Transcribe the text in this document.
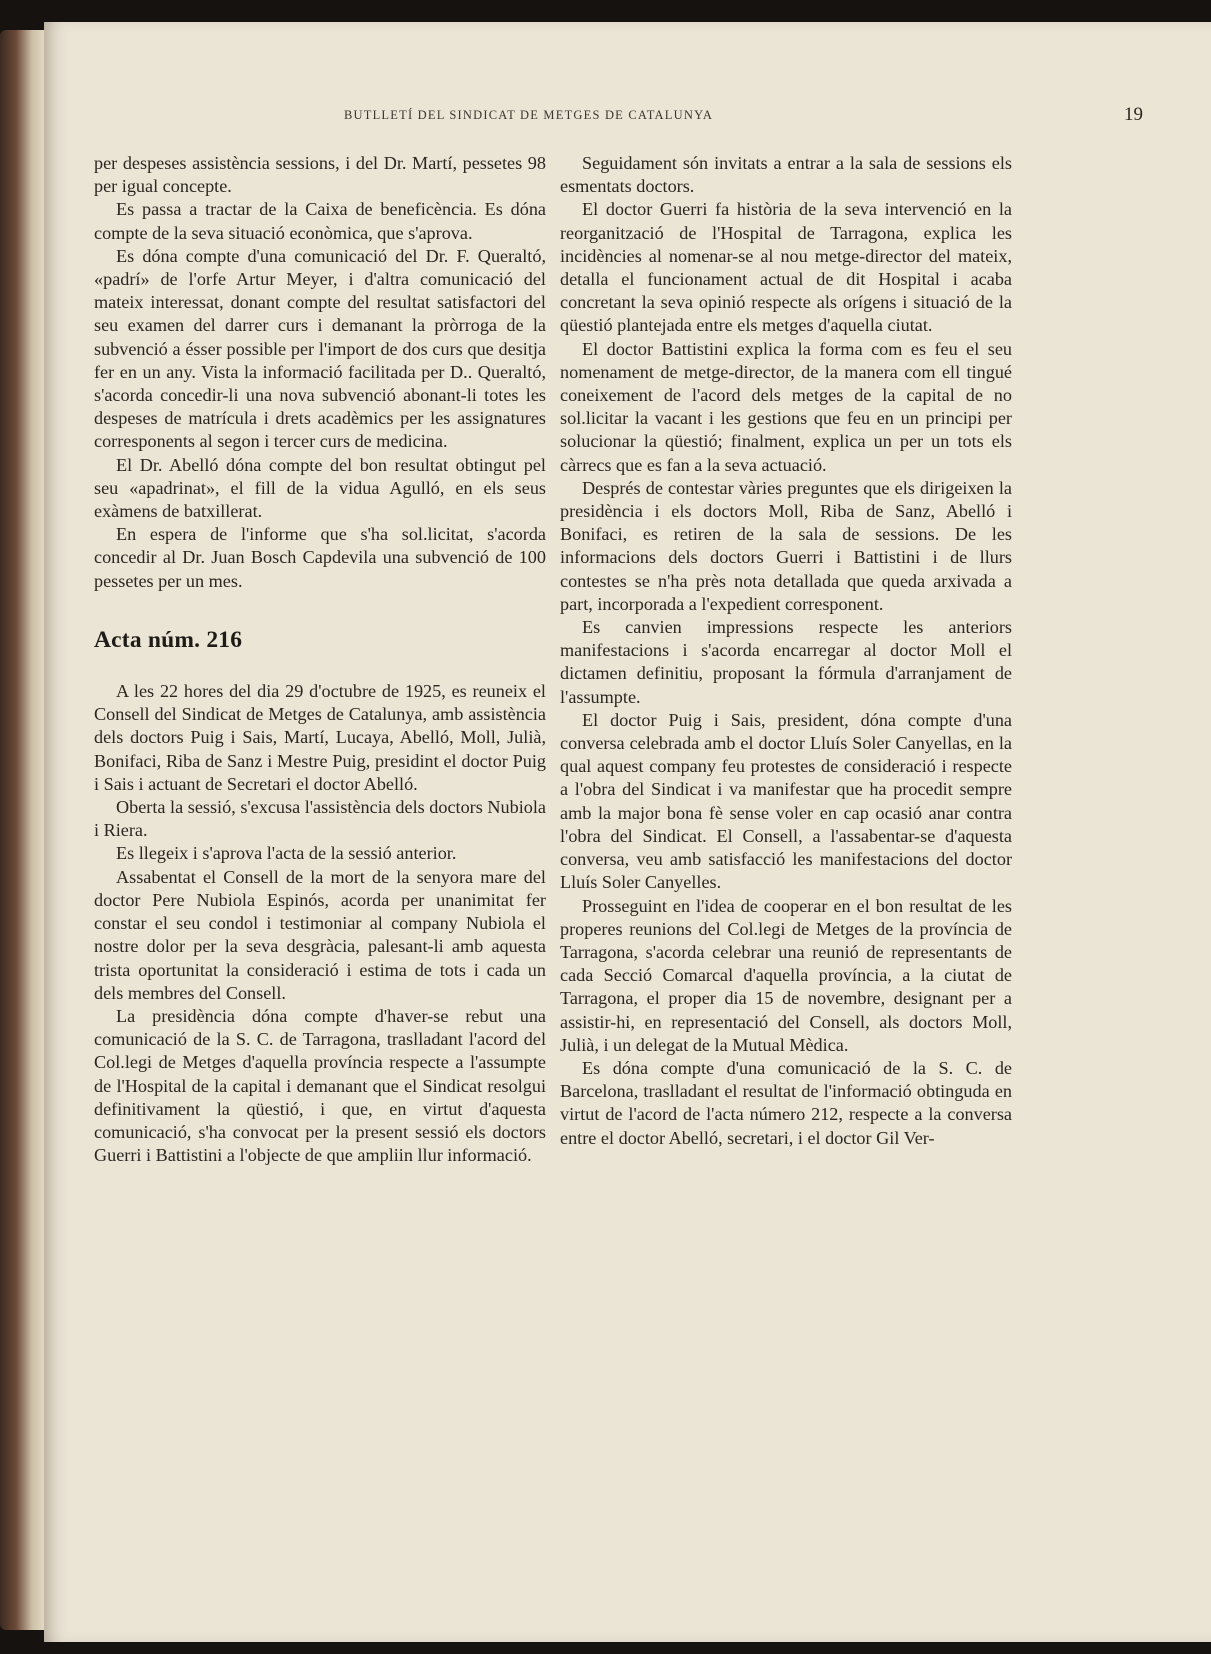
BUTLLETÍ DEL SINDICAT DE METGES DE CATALUNYA	19

per despeses assistència sessions, i del Dr. Martí, pessetes 98 per igual concepte.

Es passa a tractar de la Caixa de beneficència. Es dóna compte de la seva situació econòmica, que s'aprova.

Es dóna compte d'una comunicació del Dr. F. Queraltó, «padrí» de l'orfe Artur Meyer, i d'altra comunicació del mateix interessat, donant compte del resultat satisfactori del seu examen del darrer curs i demanant la pròrroga de la subvenció a ésser possible per l'import de dos curs que desitja fer en un any. Vista la informació facilitada per D.. Queraltó, s'acorda concedir-li una nova subvenció abonant-li totes les despeses de matrícula i drets acadèmics per les assignatures corresponents al segon i tercer curs de medicina.

El Dr. Abelló dóna compte del bon resultat obtingut pel seu «apadrinat», el fill de la vidua Agulló, en els seus exàmens de batxillerat.

En espera de l'informe que s'ha sol.licitat, s'acorda concedir al Dr. Juan Bosch Capdevila una subvenció de 100 pessetes per un mes.

Acta núm. 216

A les 22 hores del dia 29 d'octubre de 1925, es reuneix el Consell del Sindicat de Metges de Catalunya, amb assistència dels doctors Puig i Sais, Martí, Lucaya, Abelló, Moll, Julià, Bonifaci, Riba de Sanz i Mestre Puig, presidint el doctor Puig i Sais i actuant de Secretari el doctor Abelló.

Oberta la sessió, s'excusa l'assistència dels doctors Nubiola i Riera.

Es llegeix i s'aprova l'acta de la sessió anterior.

Assabentat el Consell de la mort de la senyora mare del doctor Pere Nubiola Espinós, acorda per unanimitat fer constar el seu condol i testimoniar al company Nubiola el nostre dolor per la seva desgràcia, palesant-li amb aquesta trista oportunitat la consideració i estima de tots i cada un dels membres del Consell.

La presidència dóna compte d'haver-se rebut una comunicació de la S. C. de Tarragona, traslladant l'acord del Col.legi de Metges d'aquella província respecte a l'assumpte de l'Hospital de la capital i demanant que el Sindicat resolgui definitivament la qüestió, i que, en virtut d'aquesta comunicació, s'ha convocat per la present sessió els doctors Guerri i Battistini a l'objecte de que ampliin llur informació.

Seguidament són invitats a entrar a la sala de sessions els esmentats doctors.

El doctor Guerri fa història de la seva intervenció en la reorganització de l'Hospital de Tarragona, explica les incidències al nomenar-se al nou metge-director del mateix, detalla el funcionament actual de dit Hospital i acaba concretant la seva opinió respecte als orígens i situació de la qüestió plantejada entre els metges d'aquella ciutat.

El doctor Battistini explica la forma com es feu el seu nomenament de metge-director, de la manera com ell tingué coneixement de l'acord dels metges de la capital de no sol.licitar la vacant i les gestions que feu en un principi per solucionar la qüestió; finalment, explica un per un tots els càrrecs que es fan a la seva actuació.

Després de contestar vàries preguntes que els dirigeixen la presidència i els doctors Moll, Riba de Sanz, Abelló i Bonifaci, es retiren de la sala de sessions. De les informacions dels doctors Guerri i Battistini i de llurs contestes se n'ha près nota detallada que queda arxivada a part, incorporada a l'expedient corresponent.

Es canvien impressions respecte les anteriors manifestacions i s'acorda encarregar al doctor Moll el dictamen definitiu, proposant la fórmula d'arranjament de l'assumpte.

El doctor Puig i Sais, president, dóna compte d'una conversa celebrada amb el doctor Lluís Soler Canyellas, en la qual aquest company feu protestes de consideració i respecte a l'obra del Sindicat i va manifestar que ha procedit sempre amb la major bona fè sense voler en cap ocasió anar contra l'obra del Sindicat. El Consell, a l'assabentar-se d'aquesta conversa, veu amb satisfacció les manifestacions del doctor Lluís Soler Canyelles.

Prosseguint en l'idea de cooperar en el bon resultat de les properes reunions del Col.legi de Metges de la província de Tarragona, s'acorda celebrar una reunió de representants de cada Secció Comarcal d'aquella província, a la ciutat de Tarragona, el proper dia 15 de novembre, designant per a assistir-hi, en representació del Consell, als doctors Moll, Julià, i un delegat de la Mutual Mèdica.

Es dóna compte d'una comunicació de la S. C. de Barcelona, traslladant el resultat de l'informació obtinguda en virtut de l'acord de l'acta número 212, respecte a la conversa entre el doctor Abelló, secretari, i el doctor Gil Ver-
